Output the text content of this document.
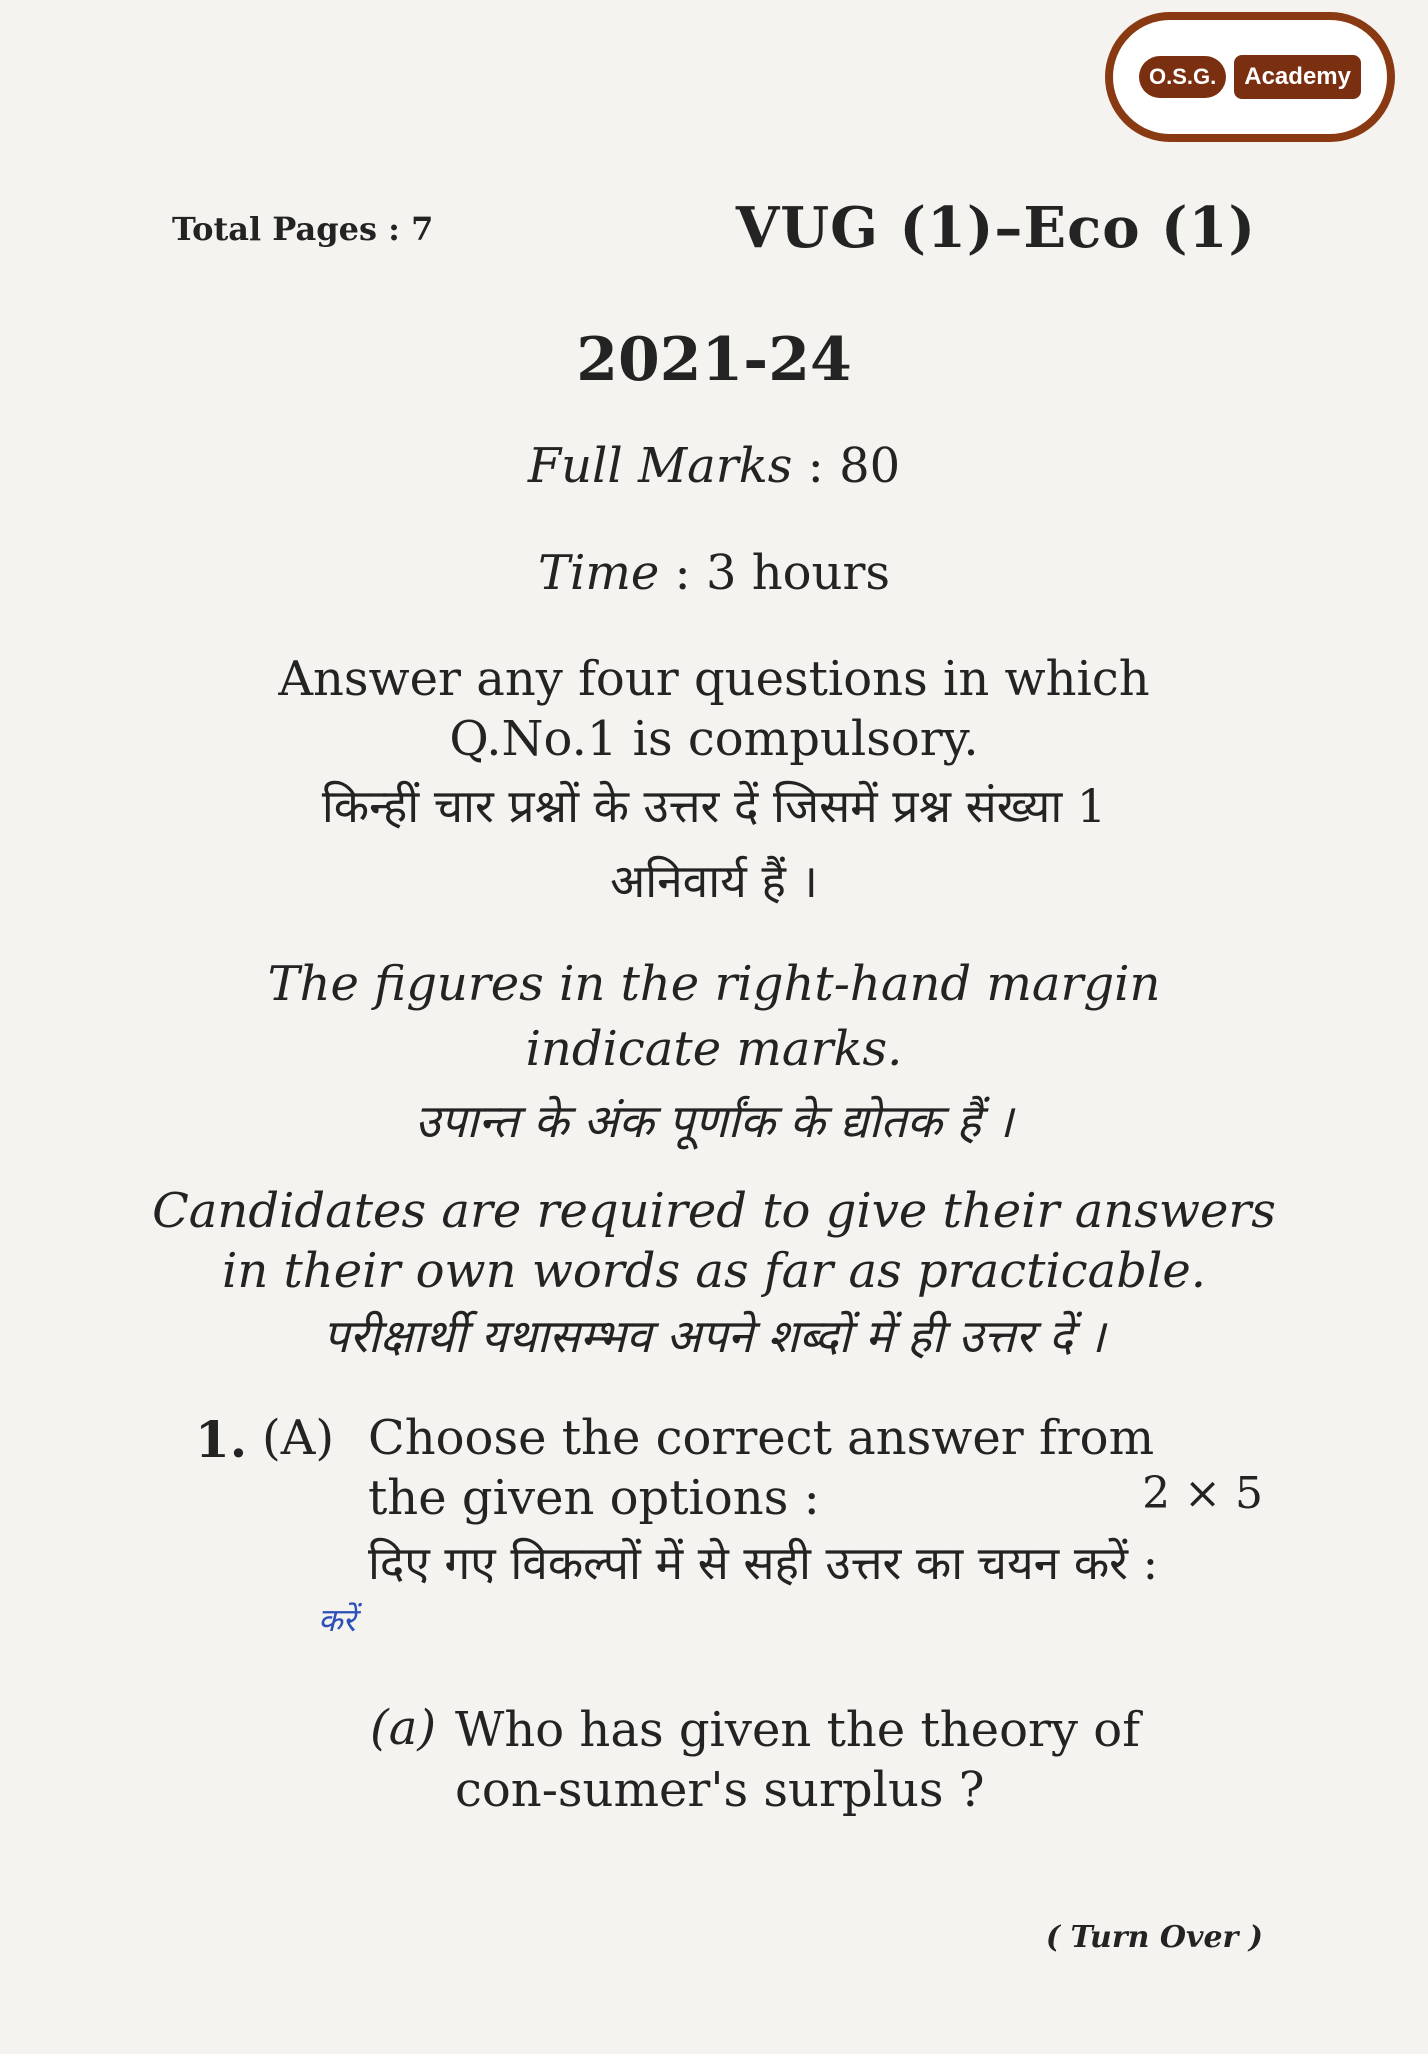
O.S.G.	Academy
Total Pages : 7	VUG (1)–Eco (1)
2021-24
Full Marks : 80
Time : 3 hours
Answer any four questions in which
Q.No.1 is compulsory.
किन्हीं चार प्रश्नों के उत्तर दें जिसमें प्रश्न संख्या 1
अनिवार्य हैं ।
The figures in the right-hand margin
indicate marks.
उपान्त के अंक पूर्णांक के द्योतक हैं ।
Candidates are required to give their answers
in their own words as far as practicable.
परीक्षार्थी यथासम्भव अपने शब्दों में ही उत्तर दें ।
1. (A) Choose the correct answer from the given options :	2 × 5
दिए गए विकल्पों में से सही उत्तर का चयन करें :
करें
(a) Who has given the theory of con-sumer's surplus ?
( Turn Over )
